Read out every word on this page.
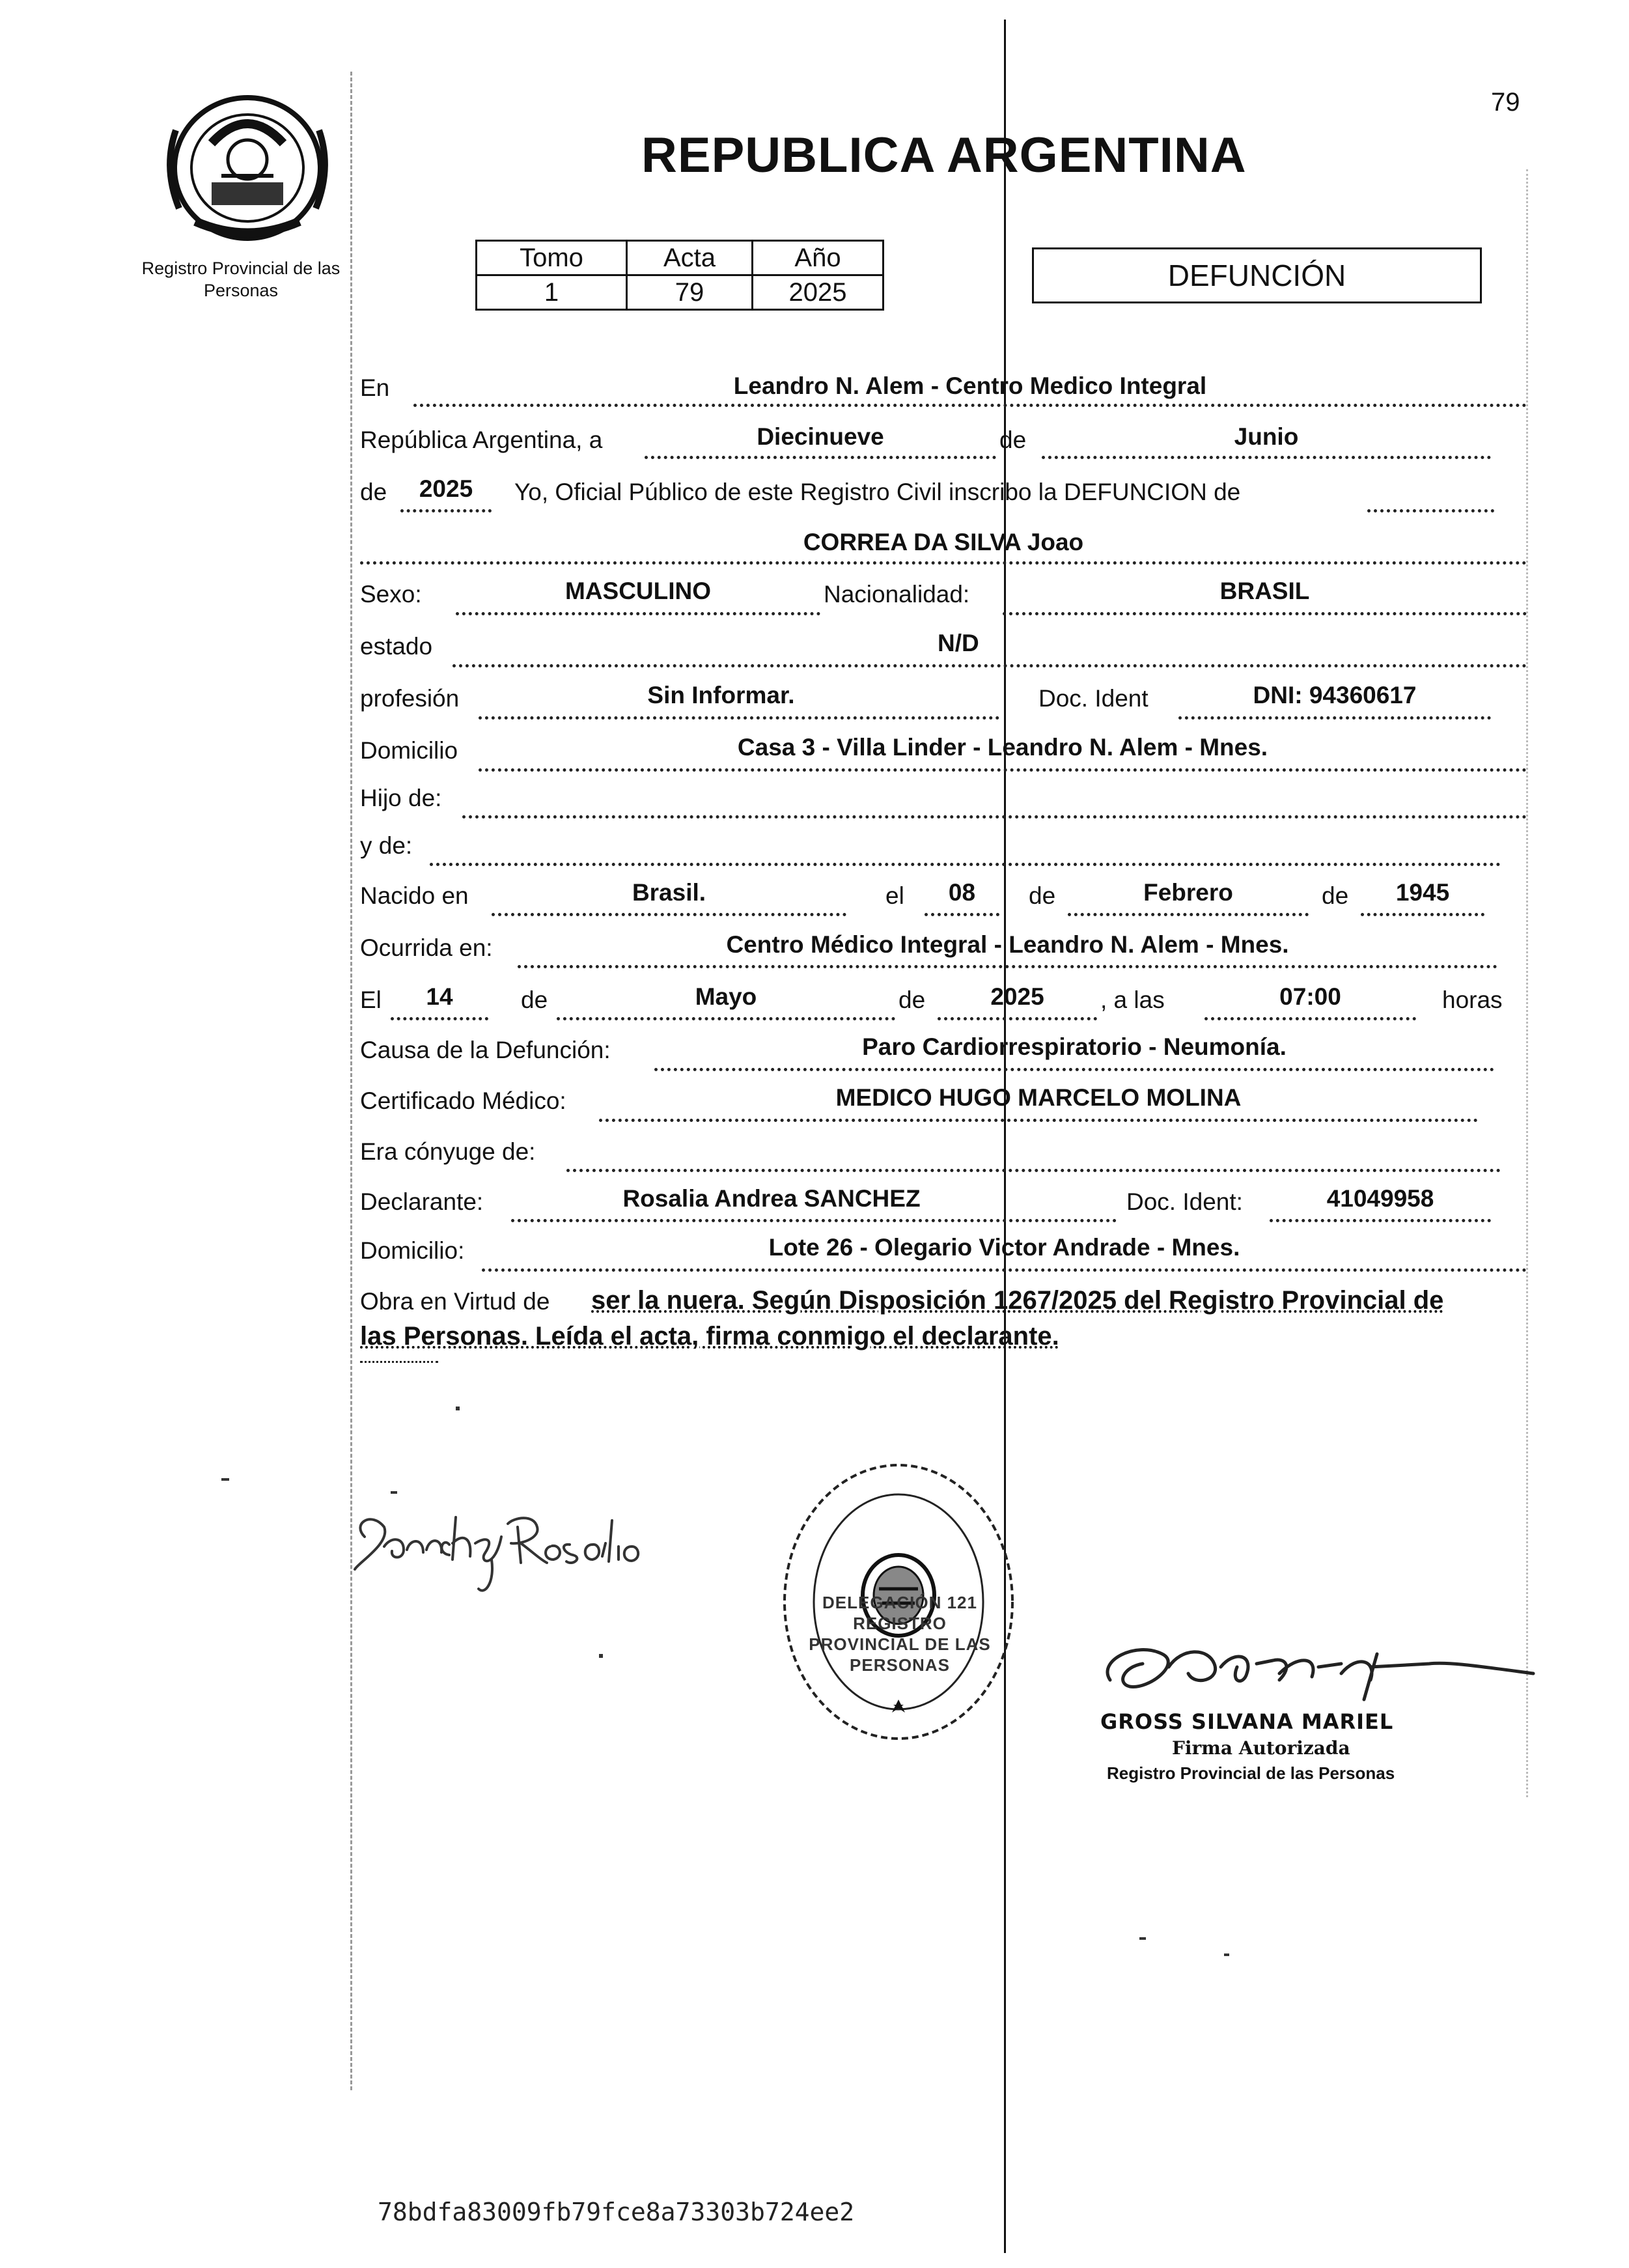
79
Registro Provincial de las Personas
REPUBLICA ARGENTINA
Tomo	Acta	Año
1	79	2025	DEFUNCIÓN
En	Leandro N. Alem - Centro Medico Integral
República Argentina, a	Diecinueve	de	Junio
de	2025	Yo, Oficial Público de este Registro Civil inscribo la DEFUNCION de
CORREA DA SILVA Joao
Sexo:	MASCULINO	Nacionalidad:	BRASIL
estado	N/D
profesión	Sin Informar.	Doc. Ident	DNI: 94360617
Domicilio	Casa 3 - Villa Linder - Leandro N. Alem - Mnes.
Hijo de:
y de:
Nacido en	Brasil.	el	08	de	Febrero	de	1945
Ocurrida en:	Centro Médico Integral - Leandro N. Alem - Mnes.
El	14	de	Mayo	de	2025	, a las	07:00	horas
Causa de la Defunción:	Paro Cardiorrespiratorio - Neumonía.
Certificado Médico:	MEDICO HUGO MARCELO MOLINA
Era cónyuge de:
Declarante:	Rosalia Andrea SANCHEZ	Doc. Ident:	41049958
Domicilio:	Lote 26 - Olegario Victor Andrade - Mnes.
Obra en Virtud de ser la nuera. Según Disposición 1267/2025 del Registro Provincial de
las Personas. Leída el acta, firma conmigo el declarante.
DELEGACIÓN 121 REGISTRO PROVINCIAL DE LAS PERSONAS
GROSS SILVANA MARIEL
Firma Autorizada
Registro Provincial de las Personas
78bdfa83009fb79fce8a73303b724ee2
